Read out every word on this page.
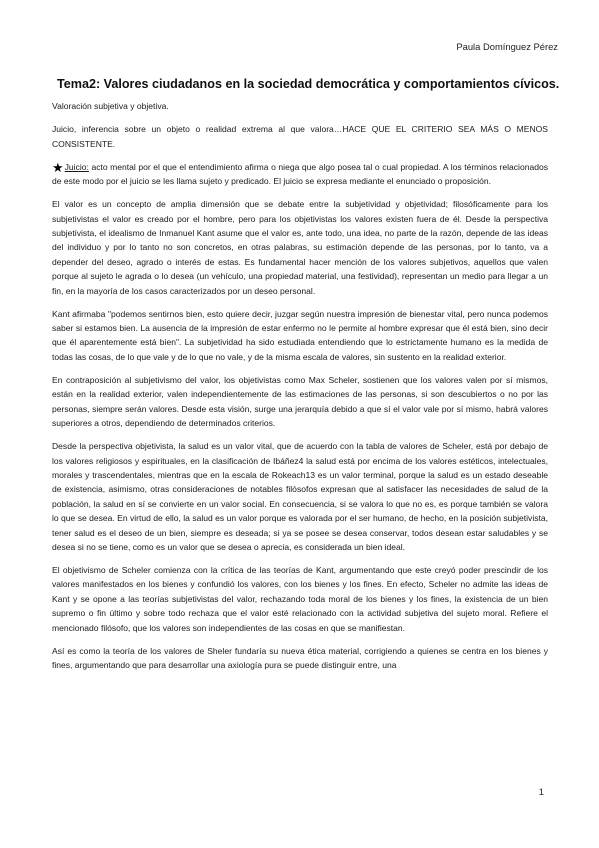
Paula Domínguez Pérez
Tema2: Valores ciudadanos en la sociedad democrática y comportamientos cívicos.

Valoración subjetiva y objetiva.

Juicio, inferencia sobre un objeto o realidad extrema al que valora…HACE QUE EL CRITERIO SEA MÁS O MENOS CONSISTENTE.

★Juicio: acto mental por el que el entendimiento afirma o niega que algo posea tal o cual propiedad. A los términos relacionados de este modo por el juicio se les llama sujeto y predicado. El juicio se expresa mediante el enunciado o proposición.

El valor es un concepto de amplia dimensión que se debate entre la subjetividad y objetividad; filosóficamente para los subjetivistas el valor es creado por el hombre, pero para los objetivistas los valores existen fuera de él. Desde la perspectiva subjetivista, el idealismo de Inmanuel Kant asume que el valor es, ante todo, una idea, no parte de la razón, depende de las ideas del individuo y por lo tanto no son concretos, en otras palabras, su estimación depende de las personas, por lo tanto, va a depender del deseo, agrado o interés de estas. Es fundamental hacer mención de los valores subjetivos, aquellos que valen porque al sujeto le agrada o lo desea (un vehículo, una propiedad material, una festividad), representan un medio para llegar a un fin, en la mayoría de los casos caracterizados por un deseo personal.

Kant afirmaba "podemos sentirnos bien, esto quiere decir, juzgar según nuestra impresión de bienestar vital, pero nunca podemos saber si estamos bien. La ausencia de la impresión de estar enfermo no le permite al hombre expresar que él está bien, sino decir que él aparentemente está bien". La subjetividad ha sido estudiada entendiendo que lo estrictamente humano es la medida de todas las cosas, de lo que vale y de lo que no vale, y de la misma escala de valores, sin sustento en la realidad exterior.

En contraposición al subjetivismo del valor, los objetivistas como Max Scheler, sostienen que los valores valen por sí mismos, están en la realidad exterior, valen independientemente de las estimaciones de las personas, si son descubiertos o no por las personas, siempre serán valores. Desde esta visión, surge una jerarquía debido a que sí el valor vale por sí mismo, habrá valores superiores a otros, dependiendo de determinados criterios.

Desde la perspectiva objetivista, la salud es un valor vital, que de acuerdo con la tabla de valores de Scheler, está por debajo de los valores religiosos y espirituales, en la clasificación de Ibáñez4 la salud está por encima de los valores estéticos, intelectuales, morales y trascendentales, mientras que en la escala de Rokeach13 es un valor terminal, porque la salud es un estado deseable de existencia, asimismo, otras consideraciones de notables filósofos expresan que al satisfacer las necesidades de salud de la población, la salud en sí se convierte en un valor social. En consecuencia, si se valora lo que no es, es porque también se valora lo que se desea. En virtud de ello, la salud es un valor porque es valorada por el ser humano, de hecho, en la posición subjetivista, tener salud es el deseo de un bien, siempre es deseada; si ya se posee se desea conservar, todos desean estar saludables y se desea si no se tiene, como es un valor que se desea o aprecia, es considerada un bien ideal.

El objetivismo de Scheler comienza con la crítica de las teorías de Kant, argumentando que este creyó poder prescindir de los valores manifestados en los bienes y confundió los valores, con los bienes y los fines. En efecto, Scheler no admite las ideas de Kant y se opone a las teorías subjetivistas del valor, rechazando toda moral de los bienes y los fines, la existencia de un bien supremo o fin último y sobre todo rechaza que el valor esté relacionado con la actividad subjetiva del sujeto moral. Refiere el mencionado filósofo, que los valores son independientes de las cosas en que se manifiestan.

Así es como la teoría de los valores de Sheler fundaría su nueva ética material, corrigiendo a quienes se centra en los bienes y fines, argumentando que para desarrollar una axiología pura se puede distinguir entre, una

1
